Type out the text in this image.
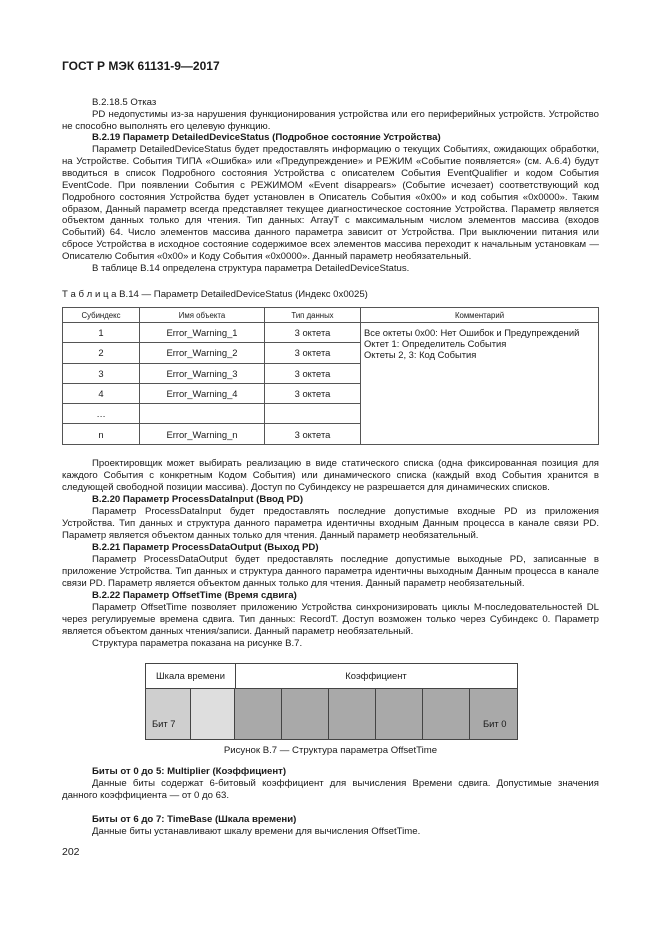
ГОСТ Р МЭК 61131-9—2017

B.2.18.5 Отказ

PD недопустимы из-за нарушения функционирования устройства или его периферийных устройств. Устройство не способно выполнять его целевую функцию.

B.2.19 Параметр DetailedDeviceStatus (Подробное состояние Устройства)

Параметр DetailedDeviceStatus будет предоставлять информацию о текущих Событиях, ожидающих обработки, на Устройстве. События ТИПА «Ошибка» или «Предупреждение» и РЕЖИМ «Событие появляется» (см. А.6.4) будут вводиться в список Подробного состояния Устройства с описателем События EventQualifier и кодом События EventCode. При появлении События с РЕЖИМОМ «Event disappears» (Событие исчезает) соответствующий код Подробного состояния Устройства будет установлен в Описатель События «0x00» и код события «0x0000». Таким образом, Данный параметр всегда представляет текущее диагностическое состояние Устройства. Параметр является объектом данных только для чтения. Тип данных: ArrayT с максимальным числом элементов массива (входов Событий) 64. Число элементов массива данного параметра зависит от Устройства. При выключении питания или сбросе Устройства в исходное состояние содержимое всех элементов массива переходит к начальным установкам — Описателю События «0x00» и Коду События «0x0000». Данный параметр необязательный.

В таблице В.14 определена структура параметра DetailedDeviceStatus.

Т а б л и ц а В.14 — Параметр DetailedDeviceStatus (Индекс 0x0025)
Субиндекс	Имя объекта	Тип данных	Комментарий
1	Error_Warning_1	3 октета	Все октеты 0x00: Нет Ошибок и Предупреждений
Октет 1: Определитель События
Октеты 2, 3: Код События

2	Error_Warning_2	3 октета	
3	Error_Warning_3	3 октета	
4	Error_Warning_4	3 октета	
…			
n	Error_Warning_n	3 октета	

Проектировщик может выбирать реализацию в виде статического списка (одна фиксированная позиция для каждого События с конкретным Кодом События) или динамического списка (каждый вход События хранится в следующей свободной позиции массива). Доступ по Субиндексу не разрешается для динамических списков.

B.2.20 Параметр ProcessDataInput (Ввод PD)

Параметр ProcessDataInput будет предоставлять последние допустимые входные PD из приложения Устройства. Тип данных и структура данного параметра идентичны входным Данным процесса в канале связи PD. Параметр является объектом данных только для чтения. Данный параметр необязательный.

B.2.21 Параметр ProcessDataOutput (Выход PD)

Параметр ProcessDataOutput будет предоставлять последние допустимые выходные PD, записанные в приложение Устройства. Тип данных и структура данного параметра идентичны выходным Данным процесса в канале связи PD. Параметр является объектом данных только для чтения. Данный параметр необязательный.

B.2.22 Параметр OffsetTime (Время сдвига)

Параметр OffsetTime позволяет приложению Устройства синхронизировать циклы М-последовательностей DL через регулируемые времена сдвига. Тип данных: RecordT. Доступ возможен только через Субиндекс 0. Параметр является объектом данных чтения/записи. Данный параметр необязательный.

Структура параметра показана на рисунке В.7.

Шкала времени	Коэффициент
Бит 7	Бит 0
Рисунок В.7 — Структура параметра OffsetTime

Биты от 0 до 5: Multiplier (Коэффициент)

Данные биты содержат 6-битовый коэффициент для вычисления Времени сдвига. Допустимые значения данного коэффициента — от 0 до 63.

Биты от 6 до 7: TimeBase (Шкала времени)

Данные биты устанавливают шкалу времени для вычисления OffsetTime.

202
